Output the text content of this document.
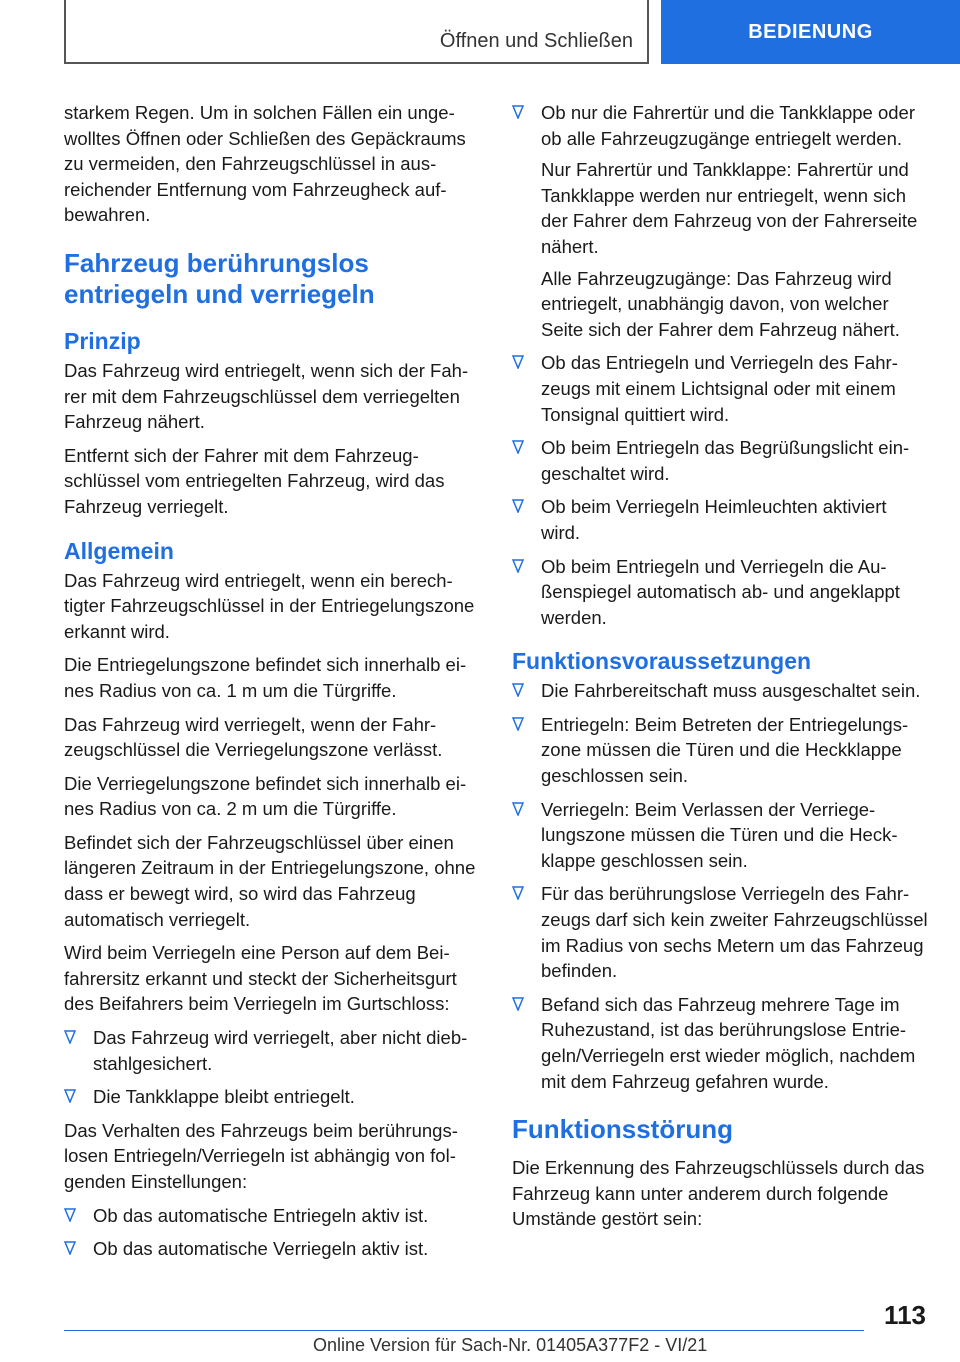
Öffnen und Schließen	BEDIENUNG

starkem Regen. Um in solchen Fällen ein ungewolltes Öffnen oder Schließen des Gepäckraums zu vermeiden, den Fahrzeugschlüssel in ausreichender Entfernung vom Fahrzeugheck aufbewahren.

Fahrzeug berührungslos entriegeln und verriegeln
Prinzip

Das Fahrzeug wird entriegelt, wenn sich der Fahrer mit dem Fahrzeugschlüssel dem verriegelten Fahrzeug nähert.

Entfernt sich der Fahrer mit dem Fahrzeugschlüssel vom entriegelten Fahrzeug, wird das Fahrzeug verriegelt.

Allgemein

Das Fahrzeug wird entriegelt, wenn ein berechtigter Fahrzeugschlüssel in der Entriegelungszone erkannt wird.

Die Entriegelungszone befindet sich innerhalb eines Radius von ca. 1 m um die Türgriffe.

Das Fahrzeug wird verriegelt, wenn der Fahrzeugschlüssel die Verriegelungszone verlässt.

Die Verriegelungszone befindet sich innerhalb eines Radius von ca. 2 m um die Türgriffe.

Befindet sich der Fahrzeugschlüssel über einen längeren Zeitraum in der Entriegelungszone, ohne dass er bewegt wird, so wird das Fahrzeug automatisch verriegelt.

Wird beim Verriegeln eine Person auf dem Beifahrersitz erkannt und steckt der Sicherheitsgurt des Beifahrers beim Verriegeln im Gurtschloss:

Das Fahrzeug wird verriegelt, aber nicht diebstahlgesichert.
Die Tankklappe bleibt entriegelt.

Das Verhalten des Fahrzeugs beim berührungslosen Entriegeln/Verriegeln ist abhängig von folgenden Einstellungen:

Ob das automatische Entriegeln aktiv ist.
Ob das automatische Verriegeln aktiv ist.
Ob nur die Fahrertür und die Tankklappe oder ob alle Fahrzeugzugänge entriegelt werden.

Nur Fahrertür und Tankklappe: Fahrertür und Tankklappe werden nur entriegelt, wenn sich der Fahrer dem Fahrzeug von der Fahrerseite nähert.

Alle Fahrzeugzugänge: Das Fahrzeug wird entriegelt, unabhängig davon, von welcher Seite sich der Fahrer dem Fahrzeug nähert.

Ob das Entriegeln und Verriegeln des Fahrzeugs mit einem Lichtsignal oder mit einem Tonsignal quittiert wird.
Ob beim Entriegeln das Begrüßungslicht eingeschaltet wird.
Ob beim Verriegeln Heimleuchten aktiviert wird.
Ob beim Entriegeln und Verriegeln die Außenspiegel automatisch ab- und angeklappt werden.
Funktionsvoraussetzungen
Die Fahrbereitschaft muss ausgeschaltet sein.
Entriegeln: Beim Betreten der Entriegelungszone müssen die Türen und die Heckklappe geschlossen sein.
Verriegeln: Beim Verlassen der Verriegelungszone müssen die Türen und die Heckklappe geschlossen sein.
Für das berührungslose Verriegeln des Fahrzeugs darf sich kein zweiter Fahrzeugschlüssel im Radius von sechs Metern um das Fahrzeug befinden.
Befand sich das Fahrzeug mehrere Tage im Ruhezustand, ist das berührungslose Entriegeln/Verriegeln erst wieder möglich, nachdem mit dem Fahrzeug gefahren wurde.
Funktionsstörung

Die Erkennung des Fahrzeugschlüssels durch das Fahrzeug kann unter anderem durch folgende Umstände gestört sein:

113
Online Version für Sach-Nr. 01405A377F2 - VI/21
